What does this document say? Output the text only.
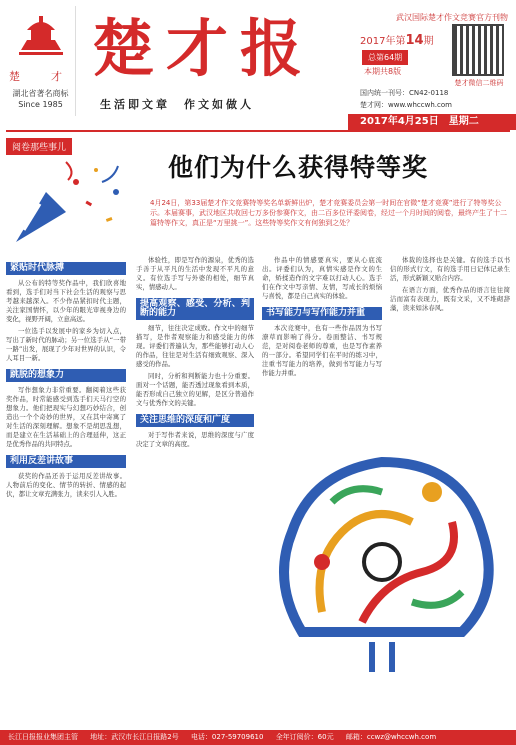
楚　才
湖北省著名商标
Since 1985
楚才报
生活即文章　作文如做人
武汉国际楚才作文竞赛官方刊物
2017年第14期
总第64期
本期共8版
楚才微信二维码
国内统一刊号：CN42-0118
楚才网：www.whccwh.com
2017年4月25日　星期二
阅卷那些事儿
他们为什么获得特等奖
4月24日，第33届楚才作文竞赛特等奖名单新鲜出炉，楚才竞赛委员会第一时间在官微“楚才竞赛”进行了特等奖公示。本届赛事，武汉地区共收回七万多份参赛作文，由二百多位评委阅卷，经过一个月时间的阅卷，最终产生了十二篇特等作文，真正是“万里挑一”。这些特等奖作文有何独到之处？
紧贴时代脉搏

从公布的特等奖作品中，我们欣喜地看到，选手们对当下社会生活的观察与思考越来越深入。不少作品紧扣时代主题，关注家国情怀，以少年的眼光审视身边的变化，视野开阔，立意高远。

一位选手以发展中的家乡为切入点，写出了新时代的脉动；另一位选手从“一带一路”出发，展现了少年对世界的认识，令人耳目一新。

跳脱的想象力

写作想象力非常重要。翻阅着这些获奖作品，时常能感受到选手们天马行空的想象力。他们把现实与幻想巧妙结合，创造出一个个奇妙的世界，又在其中寄寓了对生活的深刻理解。想象不是胡思乱想，而是建立在生活基础上的合理延伸，这正是优秀作品的共同特点。

利用反差讲故事

获奖的作品还善于运用反差讲故事。人物前后的变化、情节的转折、情感的起伏，都让文章充满张力，读来引人入胜。

体验性，即是写作的源泉，优秀的选手善于从平凡的生活中发现不平凡的意义。有位选手写与外婆的相处，细节真实，情感动人。

提高观察、感受、分析、判断的能力

细节，往往决定成败。作文中的细节描写，是作者观察能力和感受能力的体现。评委们普遍认为，那些能够打动人心的作品，往往是对生活有细致观察、深入感受的作品。

同时，分析和判断能力也十分重要。面对一个话题，能否透过现象看到本质，能否形成自己独立的见解，是区分普通作文与优秀作文的关键。

关注思维的深度和广度

对于写作者来说，思维的深度与广度决定了文章的高度。

作品中的情感要真实，要从心底流出。评委们认为，真情实感是作文的生命，矫揉造作的文字难以打动人心。选手们在作文中写亲情、友情，写成长的烦恼与喜悦，都是自己真实的体验。

书写能力与写作能力并重

本次竞赛中，也有一些作品因为书写潦草而影响了得分。卷面整洁、书写规范，是对阅卷老师的尊重，也是写作素养的一部分。希望同学们在平时的练习中，注重书写能力的培养，做到书写能力与写作能力并重。

体裁的选择也是关键。有的选手以书信的形式行文，有的选手用日记体记录生活，形式新颖又贴合内容。

在语言方面，优秀作品的语言往往简洁而富有表现力，既有文采，又不堆砌辞藻，读来如沐春风。

长江日报报业集团主管 地址：武汉市长江日报路2号 电话：027-59709610 全年订阅价：60元 邮箱：ccwz@whccwh.com
